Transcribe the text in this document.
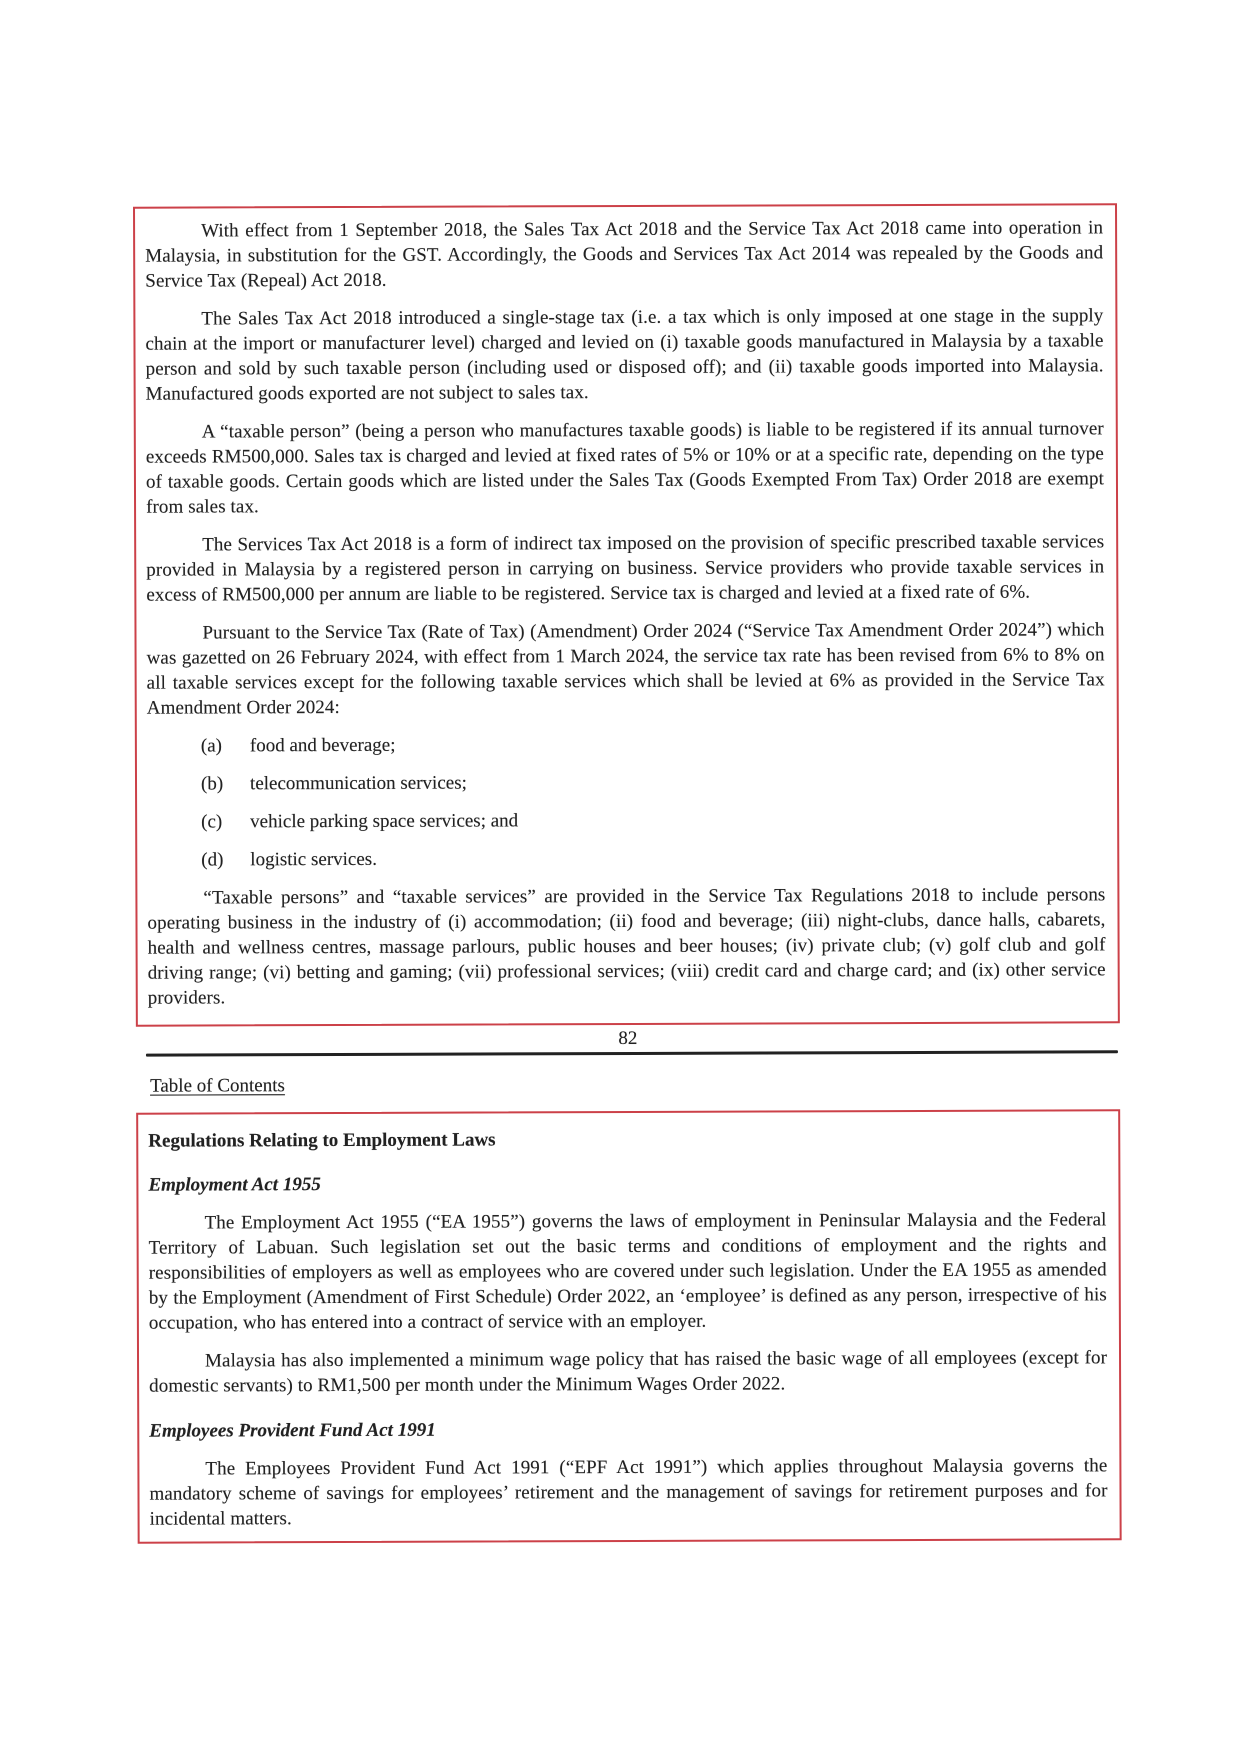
With effect from 1 September 2018, the Sales Tax Act 2018 and the Service Tax Act 2018 came into operation in Malaysia, in substitution for the GST. Accordingly, the Goods and Services Tax Act 2014 was repealed by the Goods and Service Tax (Repeal) Act 2018.

The Sales Tax Act 2018 introduced a single-stage tax (i.e. a tax which is only imposed at one stage in the supply chain at the import or manufacturer level) charged and levied on (i) taxable goods manufactured in Malaysia by a taxable person and sold by such taxable person (including used or disposed off); and (ii) taxable goods imported into Malaysia. Manufactured goods exported are not subject to sales tax.

A “taxable person” (being a person who manufactures taxable goods) is liable to be registered if its annual turnover exceeds RM500,000. Sales tax is charged and levied at fixed rates of 5% or 10% or at a specific rate, depending on the type of taxable goods. Certain goods which are listed under the Sales Tax (Goods Exempted From Tax) Order 2018 are exempt from sales tax.

The Services Tax Act 2018 is a form of indirect tax imposed on the provision of specific prescribed taxable services provided in Malaysia by a registered person in carrying on business. Service providers who provide taxable services in excess of RM500,000 per annum are liable to be registered. Service tax is charged and levied at a fixed rate of 6%.

Pursuant to the Service Tax (Rate of Tax) (Amendment) Order 2024 (“Service Tax Amendment Order 2024”) which was gazetted on 26 February 2024, with effect from 1 March 2024, the service tax rate has been revised from 6% to 8% on all taxable services except for the following taxable services which shall be levied at 6% as provided in the Service Tax Amendment Order 2024:

(a) food and beverage;
(b) telecommunication services;
(c) vehicle parking space services; and
(d) logistic services.

“Taxable persons” and “taxable services” are provided in the Service Tax Regulations 2018 to include persons operating business in the industry of (i) accommodation; (ii) food and beverage; (iii) night-clubs, dance halls, cabarets, health and wellness centres, massage parlours, public houses and beer houses; (iv) private club; (v) golf club and golf driving range; (vi) betting and gaming; (vii) professional services; (viii) credit card and charge card; and (ix) other service providers.

82
Table of Contents
Regulations Relating to Employment Laws
Employment Act 1955

The Employment Act 1955 (“EA 1955”) governs the laws of employment in Peninsular Malaysia and the Federal Territory of Labuan. Such legislation set out the basic terms and conditions of employment and the rights and responsibilities of employers as well as employees who are covered under such legislation. Under the EA 1955 as amended by the Employment (Amendment of First Schedule) Order 2022, an ‘employee’ is defined as any person, irrespective of his occupation, who has entered into a contract of service with an employer.

Malaysia has also implemented a minimum wage policy that has raised the basic wage of all employees (except for domestic servants) to RM1,500 per month under the Minimum Wages Order 2022.

Employees Provident Fund Act 1991

The Employees Provident Fund Act 1991 (“EPF Act 1991”) which applies throughout Malaysia governs the mandatory scheme of savings for employees’ retirement and the management of savings for retirement purposes and for incidental matters.
